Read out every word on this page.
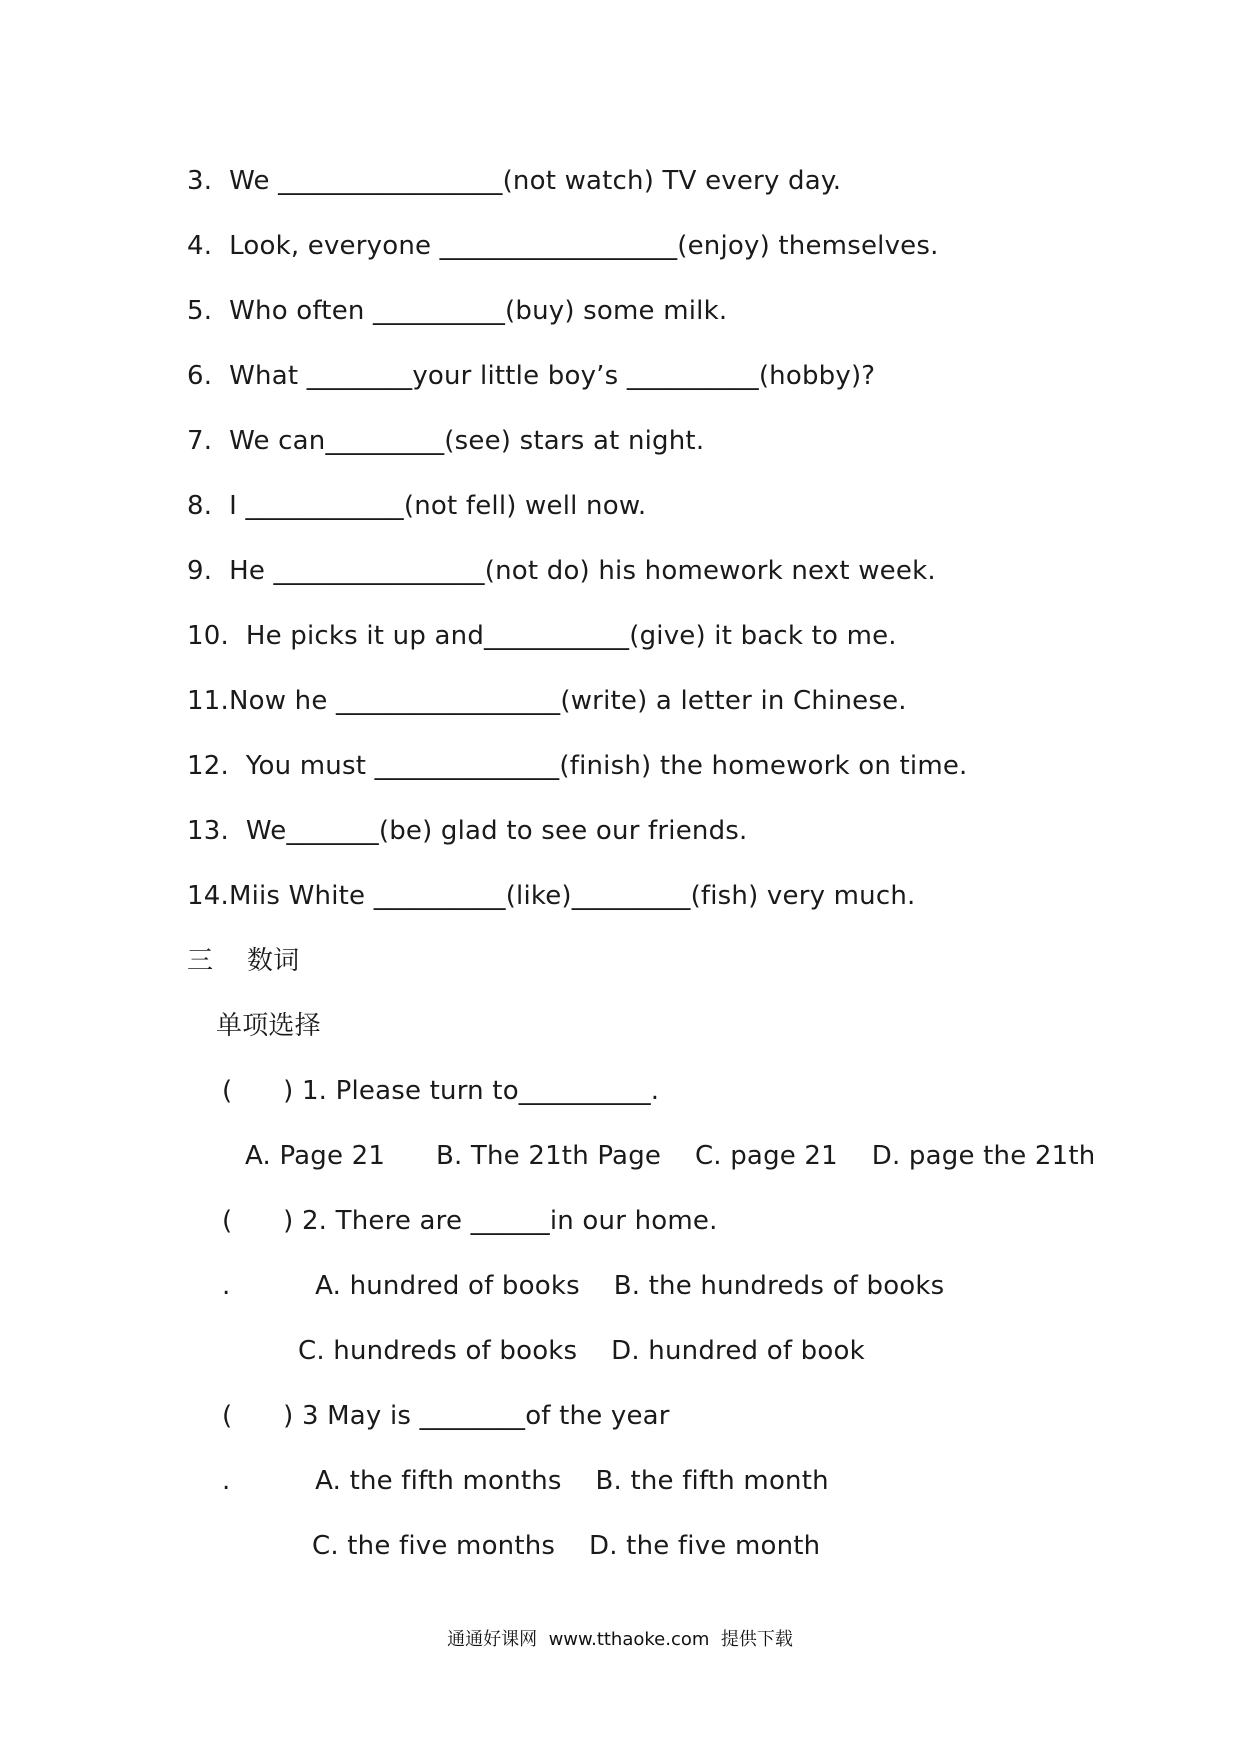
3.  We _________________(not watch) TV every day.
4.  Look, everyone __________________(enjoy) themselves.
5.  Who often __________(buy) some milk.
6.  What ________your little boy’s __________(hobby)?
7.  We can_________(see) stars at night.
8.  I ____________(not fell) well now.
9.  He ________________(not do) his homework next week.
10.  He picks it up and___________(give) it back to me.
11.Now he _________________(write) a letter in Chinese.
12.  You must ______________(finish) the homework on time.
13.  We_______(be) glad to see our friends.
14.Miis White __________(like)_________(fish) very much.
三    数词
单项选择
(      ) 1. Please turn to__________.
A. Page 21      B. The 21th Page    C. page 21    D. page the 21th
(      ) 2. There are ______in our home.
.          A. hundred of books    B. the hundreds of books
C. hundreds of books    D. hundred of book
(      ) 3 May is ________of the year
.          A. the fifth months    B. the fifth month
C. the five months    D. the five month
通通好课网  www.tthaoke.com  提供下载
